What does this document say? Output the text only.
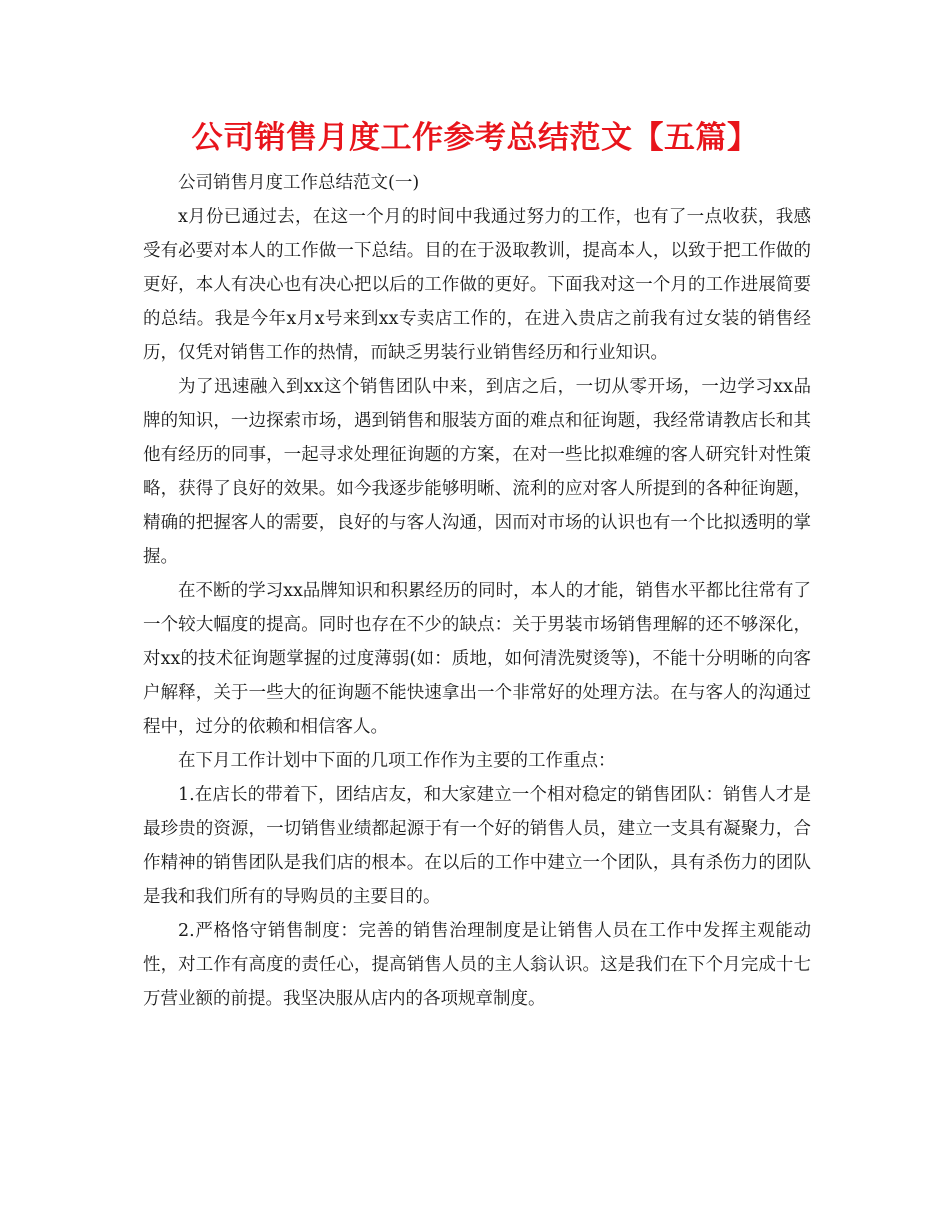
公司销售月度工作参考总结范文【五篇】

公司销售月度工作总结范文(一)

x月份已通过去，在这一个月的时间中我通过努力的工作，也有了一点收获，我感受有必要对本人的工作做一下总结。目的在于汲取教训，提高本人，以致于把工作做的更好，本人有决心也有决心把以后的工作做的更好。下面我对这一个月的工作进展简要的总结。我是今年x月x号来到xx专卖店工作的，在进入贵店之前我有过女装的销售经历，仅凭对销售工作的热情，而缺乏男装行业销售经历和行业知识。

为了迅速融入到xx这个销售团队中来，到店之后，一切从零开场，一边学习xx品牌的知识，一边探索市场，遇到销售和服装方面的难点和征询题，我经常请教店长和其他有经历的同事，一起寻求处理征询题的方案，在对一些比拟难缠的客人研究针对性策略，获得了良好的效果。如今我逐步能够明晰、流利的应对客人所提到的各种征询题，精确的把握客人的需要，良好的与客人沟通，因而对市场的认识也有一个比拟透明的掌握。

在不断的学习xx品牌知识和积累经历的同时，本人的才能，销售水平都比往常有了一个较大幅度的提高。同时也存在不少的缺点：关于男装市场销售理解的还不够深化，对xx的技术征询题掌握的过度薄弱(如：质地，如何清洗熨烫等)，不能十分明晰的向客户解释，关于一些大的征询题不能快速拿出一个非常好的处理方法。在与客人的沟通过程中，过分的依赖和相信客人。

在下月工作计划中下面的几项工作作为主要的工作重点：

1.在店长的带着下，团结店友，和大家建立一个相对稳定的销售团队：销售人才是最珍贵的资源，一切销售业绩都起源于有一个好的销售人员，建立一支具有凝聚力，合作精神的销售团队是我们店的根本。在以后的工作中建立一个团队，具有杀伤力的团队是我和我们所有的导购员的主要目的。

2.严格恪守销售制度：完善的销售治理制度是让销售人员在工作中发挥主观能动性，对工作有高度的责任心，提高销售人员的主人翁认识。这是我们在下个月完成十七万营业额的前提。我坚决服从店内的各项规章制度。
